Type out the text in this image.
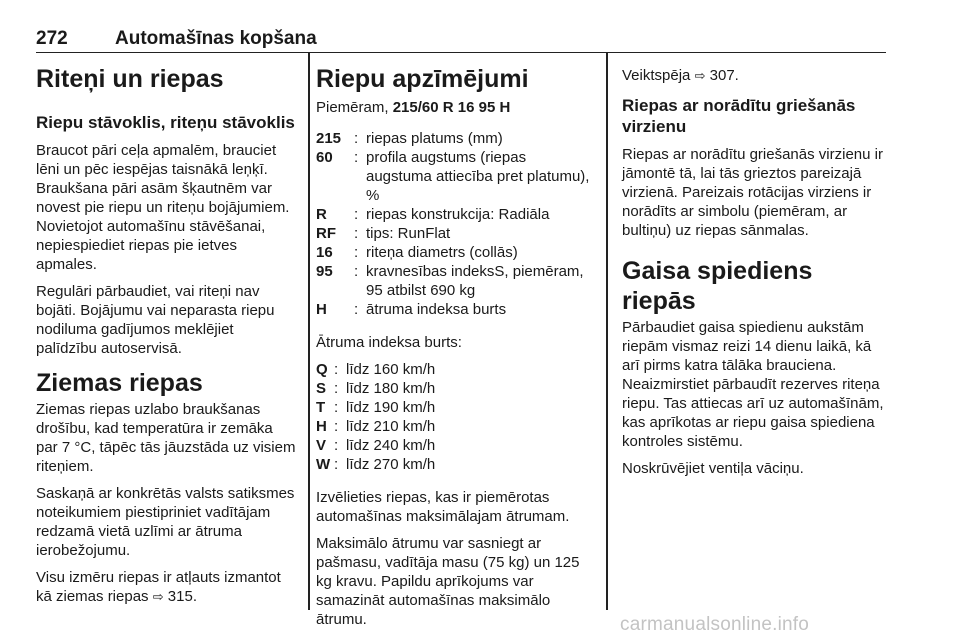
272 Automašīnas kopšana
Riteņi un riepas
Riepu stāvoklis, riteņu stāvoklis

Braucot pāri ceļa apmalēm, brauciet lēni un pēc iespējas taisnākā leņķī. Braukšana pāri asām šķautnēm var novest pie riepu un riteņu bojājumiem. Novietojot automašīnu stāvēšanai, nepiespiediet riepas pie ietves apmales.

Regulāri pārbaudiet, vai riteņi nav bojāti. Bojājumu vai neparasta riepu nodiluma gadījumos meklējiet palīdzību autoservisā.

Ziemas riepas

Ziemas riepas uzlabo braukšanas drošību, kad temperatūra ir zemāka par 7 °C, tāpēc tās jāuzstāda uz visiem riteņiem.

Saskaņā ar konkrētās valsts satiksmes noteikumiem piestipriniet vadītājam redzamā vietā uzlīmi ar ātruma ierobežojumu.

Visu izmēru riepas ir atļauts izmantot kā ziemas riepas ⇨ 315.

Riepu apzīmējumi

Piemēram, 215/60 R 16 95 H

215 : riepas platums (mm)
60	: profila augstums (riepas augstuma attiecība pret platumu), %
R	: riepas konstrukcija: Radiāla
RF	: tips: RunFlat
16	: riteņa diametrs (collās)
95	: kravnesības indeksS, piemēram, 95 atbilst 690 kg
H	: ātruma indeksa burts

Ātruma indeksa burts:

Q : līdz 160 km/h
S : līdz 180 km/h
T : līdz 190 km/h
H : līdz 210 km/h
V : līdz 240 km/h
W : līdz 270 km/h

Izvēlieties riepas, kas ir piemērotas automašīnas maksimālajam ātrumam.

Maksimālo ātrumu var sasniegt ar pašmasu, vadītāja masu (75 kg) un 125 kg kravu. Papildu aprīkojums var samazināt automašīnas maksimālo ātrumu.

Veiktspēja ⇨ 307.

Riepas ar norādītu griešanās virzienu

Riepas ar norādītu griešanās virzienu ir jāmontē tā, lai tās grieztos pareizajā virzienā. Pareizais rotācijas virziens ir norādīts ar simbolu (piemēram, ar bultiņu) uz riepas sānmalas.

Gaisa spiediens riepās

Pārbaudiet gaisa spiedienu aukstām riepām vismaz reizi 14 dienu laikā, kā arī pirms katra tālāka brauciena. Neaizmirstiet pārbaudīt rezerves riteņa riepu. Tas attiecas arī uz automašīnām, kas aprīkotas ar riepu gaisa spiediena kontroles sistēmu.

Noskrūvējiet ventiļa vāciņu.

carmanualsonline.info
